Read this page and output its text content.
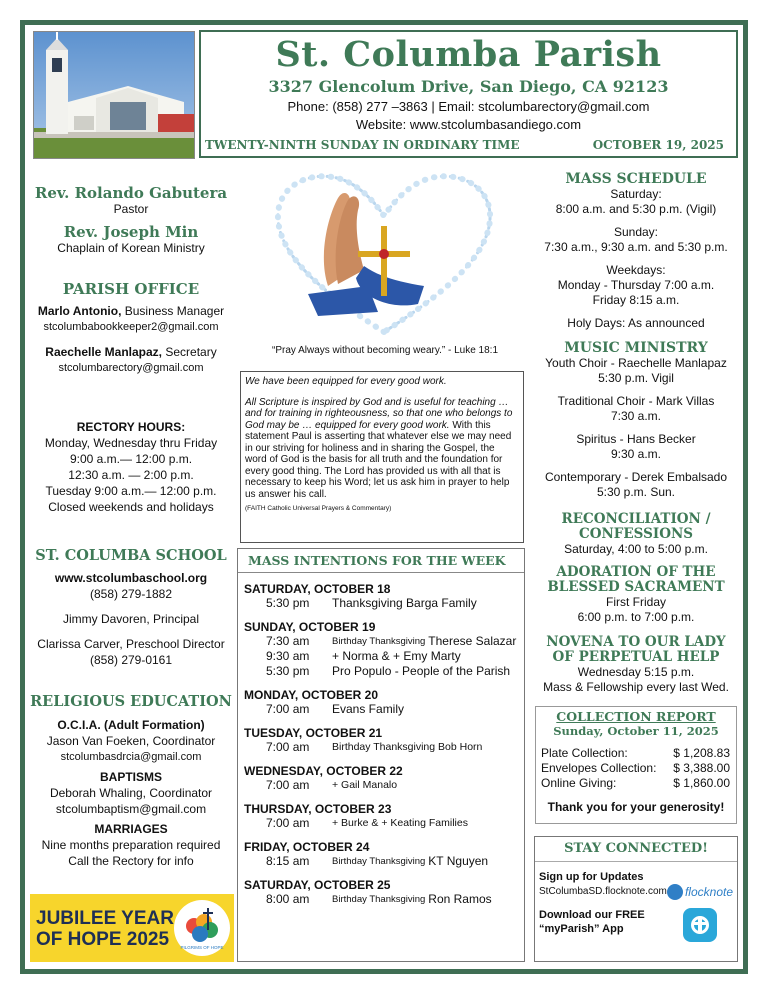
St. Columba Parish
3327 Glencolum Drive, San Diego, CA 92123
Phone: (858) 277 –3863 | Email: stcolumbarectory@gmail.com
Website: www.stcolumbasandiego.com
TWENTY-NINTH SUNDAY IN ORDINARY TIME	OCTOBER 19, 2025
Rev. Rolando Gabutera
Pastor
Rev. Joseph Min
Chaplain of Korean Ministry
PARISH OFFICE
Marlo Antonio, Business Manager
stcolumbabookkeeper2@gmail.com
Raechelle Manlapaz, Secretary
stcolumbarectory@gmail.com
RECTORY HOURS:
Monday, Wednesday thru Friday
9:00 a.m.— 12:00 p.m.
12:30 a.m. — 2:00 p.m.
Tuesday 9:00 a.m.— 12:00 p.m.
Closed weekends and holidays
ST. COLUMBA SCHOOL
www.stcolumbaschool.org
(858) 279-1882
Jimmy Davoren, Principal
Clarissa Carver, Preschool Director
(858) 279-0161
RELIGIOUS EDUCATION
O.C.I.A. (Adult Formation)
Jason Van Foeken, Coordinator
stcolumbasdrcia@gmail.com
BAPTISMS
Deborah Whaling, Coordinator
stcolumbaptism@gmail.com
MARRIAGES
Nine months preparation required
Call the Rectory for info
JUBILEE YEAR
OF HOPE 2025	PILGRIMS OF HOPE
“Pray Always without becoming weary.” - Luke 18:1

We have been equipped for every good work.

All Scripture is inspired by God and is useful for teaching … and for training in righteousness, so that one who belongs to God may be … equipped for every good work. With this statement Paul is asserting that whatever else we may need in our striving for holiness and in sharing the Gospel, the word of God is the basis for all truth and the foundation for every good thing. The Lord has provided us with all that is necessary to keep his Word; let us ask him in prayer to help us answer his call.

(FAITH Catholic Universal Prayers & Commentary)
MASS INTENTIONS FOR THE WEEK
SATURDAY, OCTOBER 18
5:30 pm	Thanksgiving Barga Family
SUNDAY, OCTOBER 19
7:30 am	Birthday Thanksgiving Therese Salazar
9:30 am	+ Norma & + Emy Marty
5:30 pm	Pro Populo - People of the Parish
MONDAY, OCTOBER 20
7:00 am	Evans Family
TUESDAY, OCTOBER 21
7:00 am	Birthday Thanksgiving Bob Horn
WEDNESDAY, OCTOBER 22
7:00 am	+ Gail Manalo
THURSDAY, OCTOBER 23
7:00 am	+ Burke & + Keating Families
FRIDAY, OCTOBER 24
8:15 am	Birthday Thanksgiving KT Nguyen
SATURDAY, OCTOBER 25
8:00 am	Birthday Thanksgiving Ron Ramos
MASS SCHEDULE
Saturday:
8:00 a.m. and 5:30 p.m. (Vigil)
Sunday:
7:30 a.m., 9:30 a.m. and 5:30 p.m.
Weekdays:
Monday - Thursday 7:00 a.m.
Friday 8:15 a.m.
Holy Days: As announced
MUSIC MINISTRY
Youth Choir - Raechelle Manlapaz
5:30 p.m. Vigil
Traditional Choir - Mark Villas
7:30 a.m.
Spiritus - Hans Becker
9:30 a.m.
Contemporary - Derek Embalsado
5:30 p.m. Sun.
RECONCILIATION /
CONFESSIONS
Saturday, 4:00 to 5:00 p.m.
ADORATION OF THE
BLESSED SACRAMENT
First Friday
6:00 p.m. to 7:00 p.m.
NOVENA TO OUR LADY
OF PERPETUAL HELP
Wednesday 5:15 p.m.
Mass & Fellowship every last Wed.
COLLECTION REPORT
Sunday, October 11, 2025
Plate Collection:	$ 1,208.83
Envelopes Collection: $ 3,388.00
Online Giving:	$ 1,860.00
Thank you for your generosity!
STAY CONNECTED!
Sign up for Updates
StColumbaSD.flocknote.com flocknote
Download our FREE
“myParish” App
